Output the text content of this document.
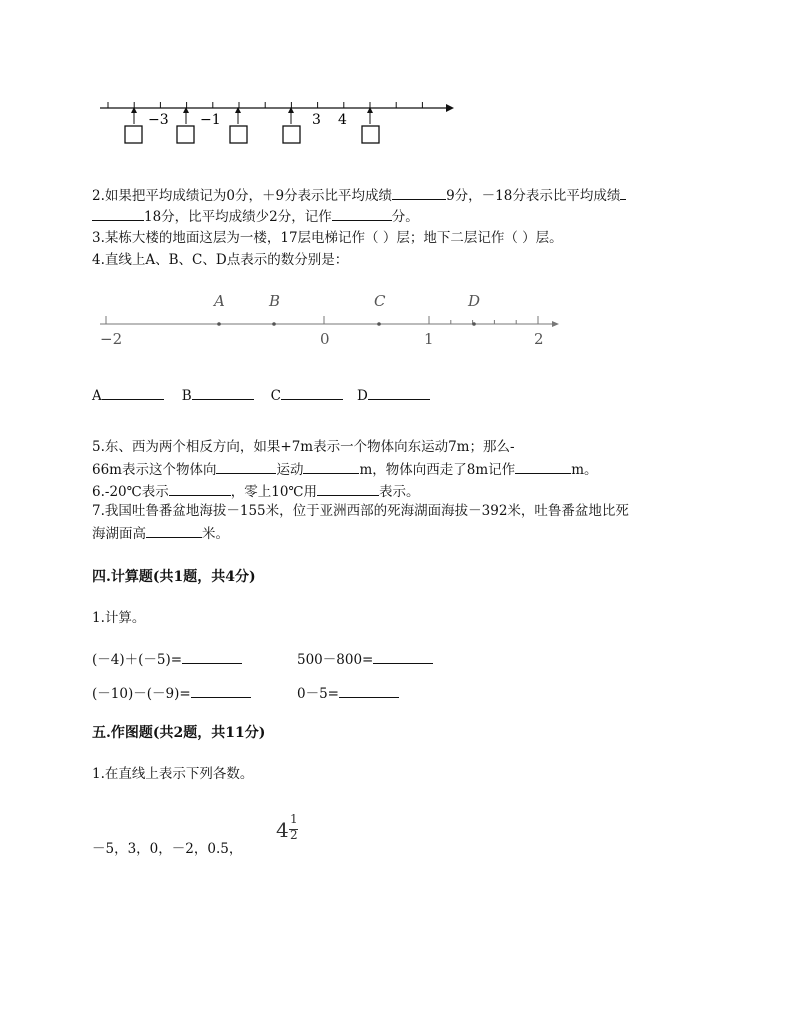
−3 −1	3 4
2.如果把平均成绩记为0分，＋9分表示比平均成绩	9分，－18分表示比平均成绩
18分，比平均成绩少2分，记作	分。
3.某栋大楼的地面这层为一楼，17层电梯记作（ ）层；地下二层记作（ ）层。
4.直线上A、B、C、D点表示的数分别是：
A	B	C	D
−2	0	1	2
A	B	C	D
5.东、西为两个相反方向，如果+7m表示一个物体向东运动7m；那么-
66m表示这个物体向	运动	m，物体向西走了8m记作	m。
6.-20℃表示	，零上10℃用	表示。
7.我国吐鲁番盆地海拔－155米，位于亚洲西部的死海湖面海拔－392米，吐鲁番盆地比死
海湖面高	米。
四.计算题(共1题，共4分)
1.计算。
(－4)＋(－5)=	500－800=
(－10)－(－9)=	0－5=
五.作图题(共2题，共11分)
1.在直线上表示下列各数。
－5，3，0，－2，0.5，
4 1
2
